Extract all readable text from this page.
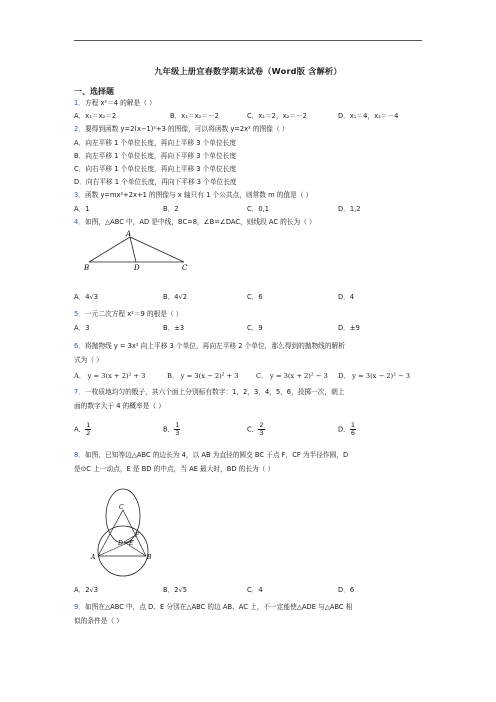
九年级上册宜春数学期末试卷（Word版 含解析）
一、选择题
1．方程 x²＝4 的解是（ ）
A．x₁＝x₂＝2	B．x₁＝x₂＝－2	C．x₁＝2，x₂＝－2	D．x₁＝4，x₂＝－4
2．要得到函数 y=2(x−1)²+3 的图像，可以将函数 y=2x² 的图像（ ）
A．向左平移 1 个单位长度，再向上平移 3 个单位长度
B．向左平移 1 个单位长度，再向下平移 3 个单位长度
C．向右平移 1 个单位长度，再向上平移 3 个单位长度
D．向右平移 1 个单位长度，再向下平移 3 个单位长度
3．函数 y=mx²+2x+1 的图像与 x 轴只有 1 个公共点，则常数 m 的值是（ ）
A．1	B．2	C．0,1	D．1,2
4．如图，△ABC 中，AD 是中线，BC=8，∠B=∠DAC，则线段 AC 的长为（ ）
A
B	C
D
A．4√3	B．4√2	C．6	D．4
5．一元二次方程 x²＝9 的根是（ ）
A．3	B．±3	C．9	D．±9
6．将抛物线 y = 3x² 向上平移 3 个单位，再向左平移 2 个单位，那么得到的抛物线的解析
式为（ ）
A． y = 3(x + 2)² + 3	B． y = 3(x − 2)² + 3	C． y = 3(x + 2)² − 3 D． y = 3(x − 2)² − 3
7．一枚质地均匀的骰子，其六个面上分别标有数字：1，2，3，4，5，6，投掷一次，朝上
面的数字大于 4 的概率是（ ）
A． $\frac{1}{2}$	B． $\frac{1}{3}$	C． $\frac{2}{3}$	D． $\frac{1}{6}$
8．如图，已知等边△ABC 的边长为 4，以 AB 为直径的圆交 BC 于点 F，CF 为半径作圆，D
是⊙C 上一动点，E 是 BD 的中点，当 AE 最大时，BD 的长为（ ）
C
A	B
D E
F
A．2√3	B．2√5	C．4	D．6
9．如图在△ABC 中，点 D、E 分别在△ABC 的边 AB、AC 上，不一定能使△ADE 与△ABC 相
似的条件是（ ）
